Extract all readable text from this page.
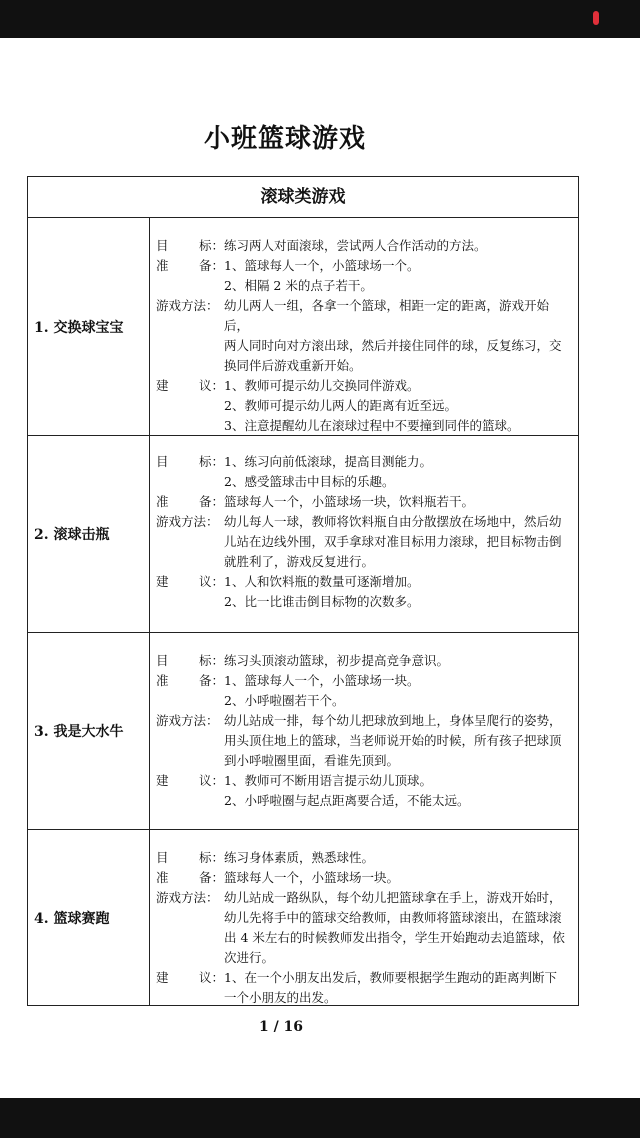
小班篮球游戏
滚球类游戏
1. 交换球宝宝
目 标： 练习两人对面滚球，尝试两人合作活动的方法。
准 备： 1、篮球每人一个，小篮球场一个。
2、相隔 2 米的点子若干。
游戏方法： 幼儿两人一组，各拿一个篮球，相距一定的距离，游戏开始后，
两人同时向对方滚出球，然后并接住同伴的球，反复练习，交
换同伴后游戏重新开始。
建 议： 1、教师可提示幼儿交换同伴游戏。
2、教师可提示幼儿两人的距离有近至远。
3、注意提醒幼儿在滚球过程中不要撞到同伴的篮球。
2. 滚球击瓶
目 标： 1、练习向前低滚球，提高目测能力。
2、感受篮球击中目标的乐趣。
准 备： 篮球每人一个，小篮球场一块，饮料瓶若干。
游戏方法： 幼儿每人一球，教师将饮料瓶自由分散摆放在场地中，然后幼
儿站在边线外围，双手拿球对准目标用力滚球，把目标物击倒
就胜利了，游戏反复进行。
建 议： 1、人和饮料瓶的数量可逐渐增加。
2、比一比谁击倒目标物的次数多。
3. 我是大水牛
目 标： 练习头顶滚动篮球，初步提高竞争意识。
准 备： 1、篮球每人一个，小篮球场一块。
2、小呼啦圈若干个。
游戏方法： 幼儿站成一排，每个幼儿把球放到地上，身体呈爬行的姿势，
用头顶住地上的篮球，当老师说开始的时候，所有孩子把球顶
到小呼啦圈里面，看谁先顶到。
建 议： 1、教师可不断用语言提示幼儿顶球。
2、小呼啦圈与起点距离要合适，不能太远。
4. 篮球赛跑
目 标： 练习身体素质，熟悉球性。
准 备： 篮球每人一个，小篮球场一块。
游戏方法： 幼儿站成一路纵队，每个幼儿把篮球拿在手上，游戏开始时，
幼儿先将手中的篮球交给教师，由教师将篮球滚出，在篮球滚
出 4 米左右的时候教师发出指令，学生开始跑动去追篮球，依
次进行。
建 议： 1、在一个小朋友出发后，教师要根据学生跑动的距离判断下
一个小朋友的出发。
1 / 16
